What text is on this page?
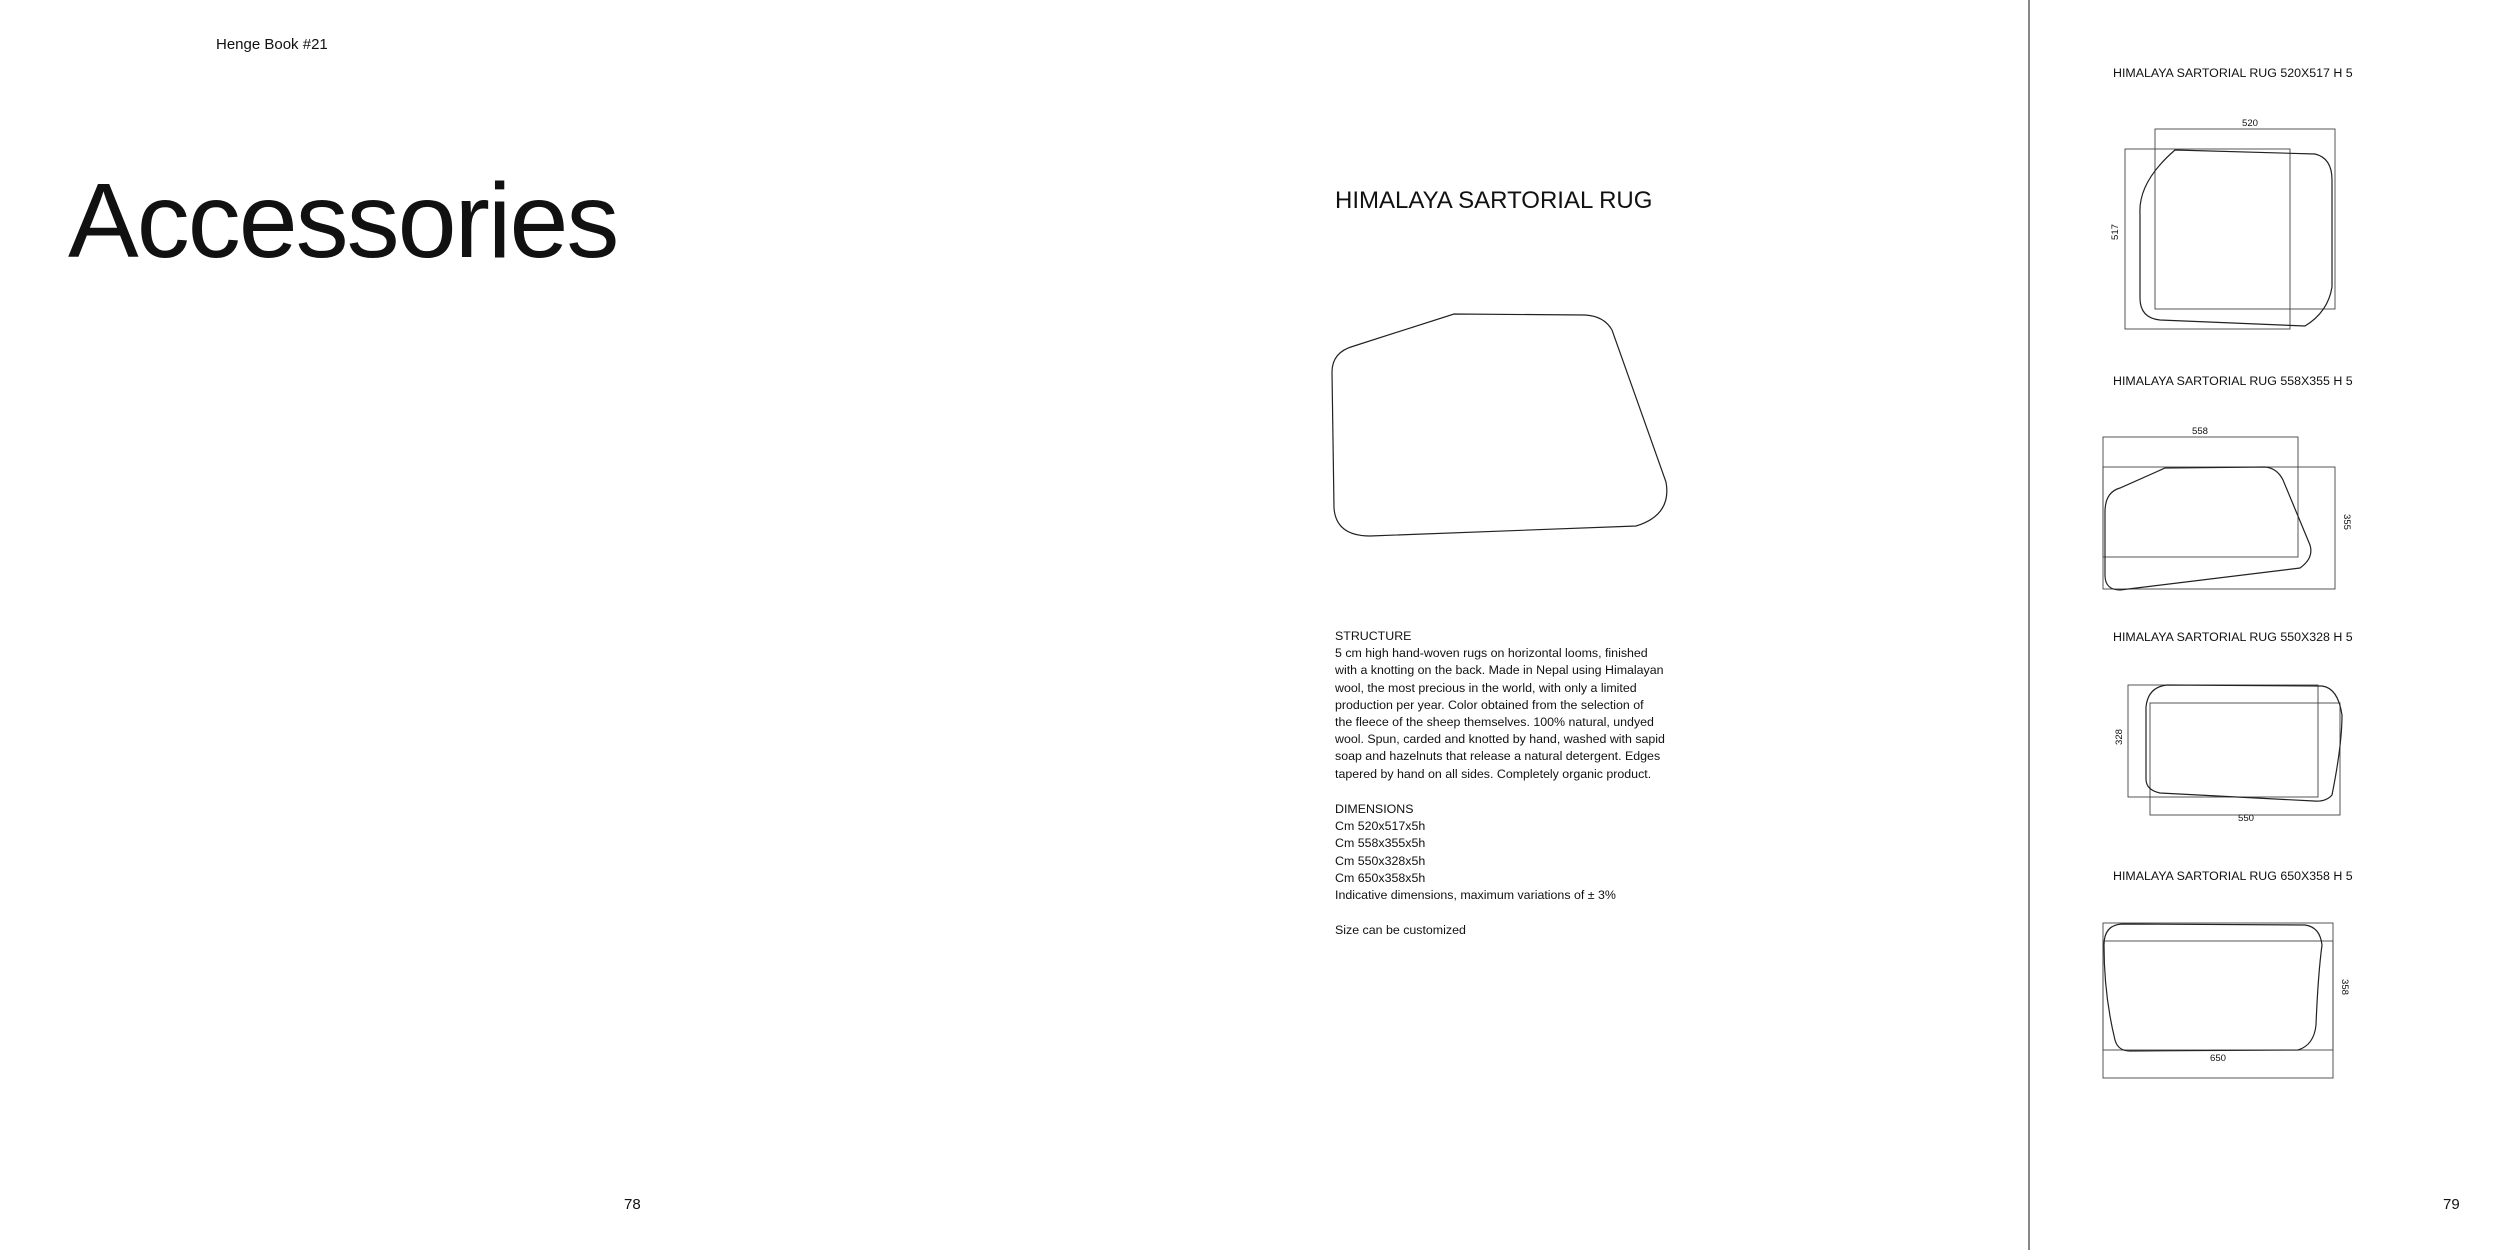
Henge Book #21
Accessories
78
HIMALAYA SARTORIAL RUG
STRUCTURE
5 cm high hand-woven rugs on horizontal looms, finished
with a knotting on the back. Made in Nepal using Himalayan
wool, the most precious in the world, with only a limited
production per year. Color obtained from the selection of
the fleece of the sheep themselves. 100% natural, undyed
wool. Spun, carded and knotted by hand, washed with sapid
soap and hazelnuts that release a natural detergent. Edges
tapered by hand on all sides. Completely organic product.
DIMENSIONS
Cm 520x517x5h
Cm 558x355x5h
Cm 550x328x5h
Cm 650x358x5h
Indicative dimensions, maximum variations of ± 3%
Size can be customized
HIMALAYA SARTORIAL RUG 520X517 H 5
520
517
HIMALAYA SARTORIAL RUG 558X355 H 5
558
355
HIMALAYA SARTORIAL RUG 550X328 H 5
328
550
HIMALAYA SARTORIAL RUG 650X358 H 5
358
650
79
